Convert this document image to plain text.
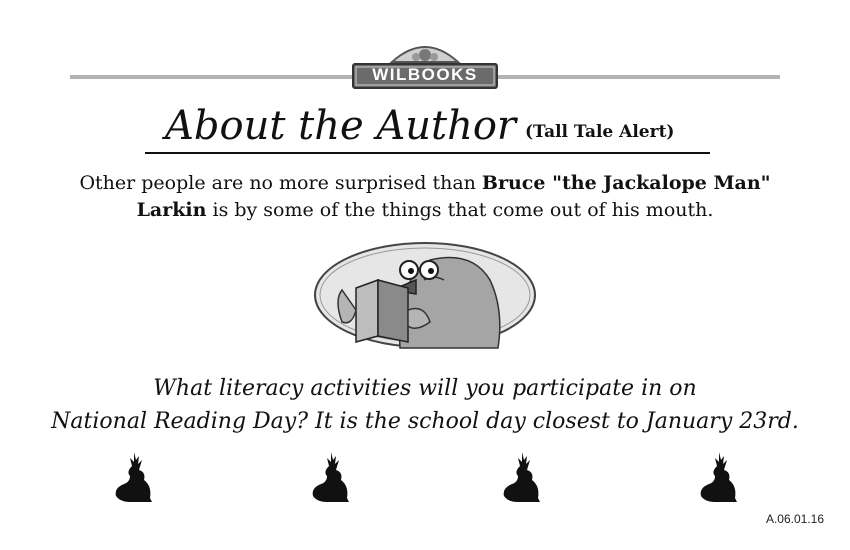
WILBOOKS
About the Author (Tall Tale Alert)
Other people are no more surprised than Bruce "the Jackalope Man"
Larkin is by some of the things that come out of his mouth.
What literacy activities will you participate in on
National Reading Day? It is the school day closest to January 23rd.
A.06.01.16
